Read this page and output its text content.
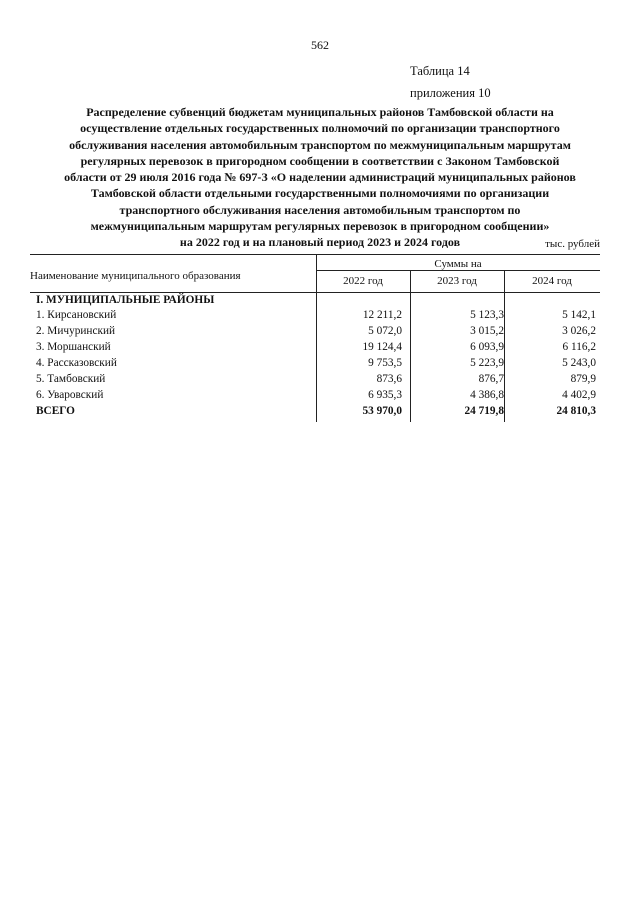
562
Таблица 14
приложения 10
Распределение субвенций бюджетам муниципальных районов Тамбовской области на
осуществление отдельных государственных полномочий по организации транспортного
обслуживания населения автомобильным транспортом по межмуниципальным маршрутам
регулярных перевозок в пригородном сообщении в соответствии с Законом Тамбовской
области от 29 июля 2016 года № 697-З «О наделении администраций муниципальных районов
Тамбовской области отдельными государственными полномочиями по организации
транспортного обслуживания населения автомобильным транспортом по
межмуниципальным маршрутам регулярных перевозок в пригородном сообщении»
на 2022 год и на плановый период 2023 и 2024 годов	тыс. рублей
Наименование муниципального образования
Суммы на
2022 год	2023 год	2024 год
I. МУНИЦИПАЛЬНЫЕ РАЙОНЫ
1. Кирсановский	12 211,2	5 123,3	5 142,1
2. Мичуринский	5 072,0	3 015,2	3 026,2
3. Моршанский	19 124,4	6 093,9	6 116,2
4. Рассказовский	9 753,5	5 223,9	5 243,0
5. Тамбовский	873,6	876,7	879,9
6. Уваровский	6 935,3	4 386,8	4 402,9
ВСЕГО	53 970,0	24 719,8	24 810,3
